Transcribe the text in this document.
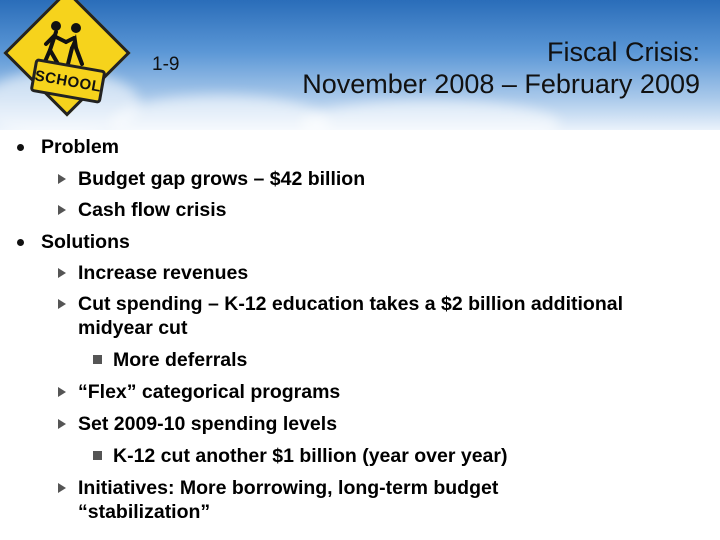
SCHOOL
1-9	Fiscal Crisis:
November 2008 – February 2009
Problem
Budget gap grows – $42 billion
Cash flow crisis
Solutions
Increase revenues
Cut spending – K-12 education takes a $2 billion additional
midyear cut
More deferrals
“Flex” categorical programs
Set 2009-10 spending levels
K-12 cut another $1 billion (year over year)
Initiatives: More borrowing, long-term budget
“stabilization”
